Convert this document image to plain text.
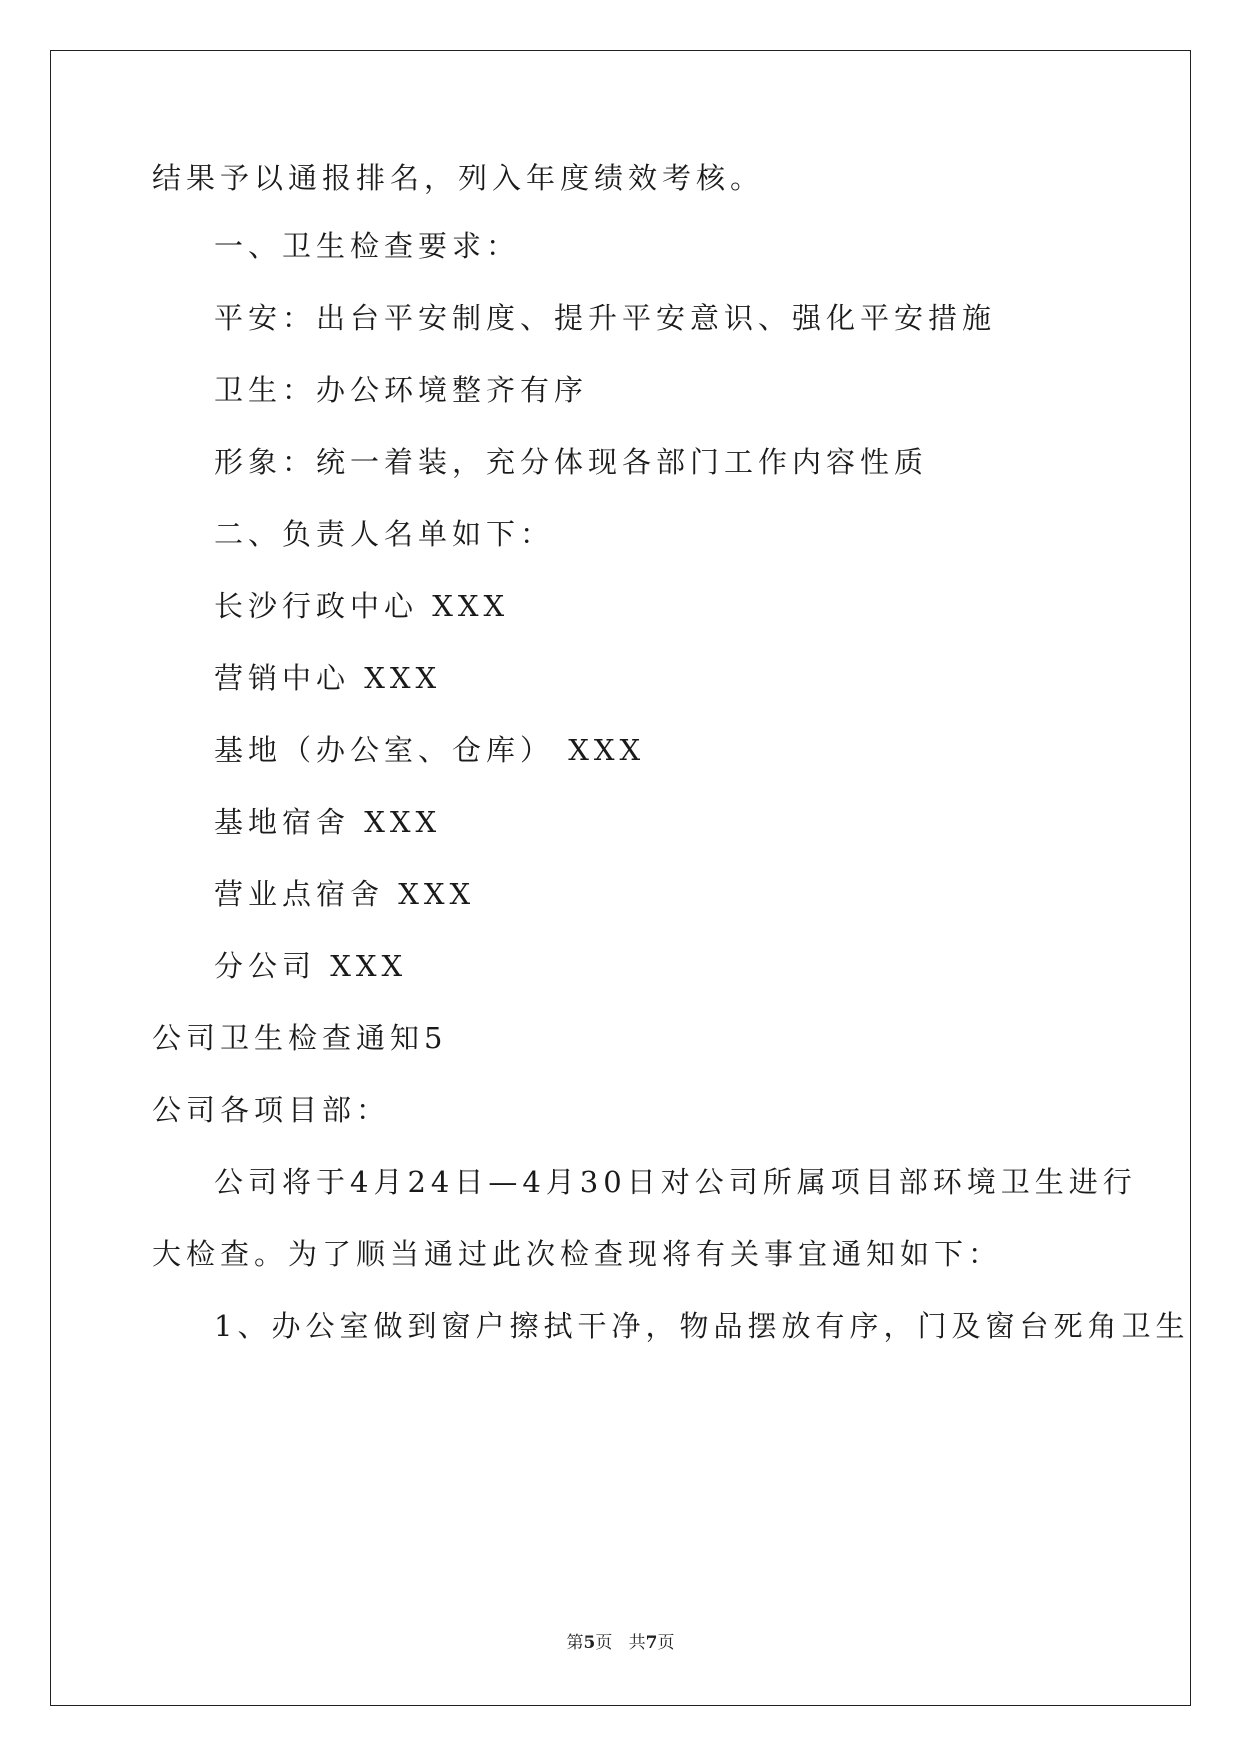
结果予以通报排名，列入年度绩效考核。
一、卫生检查要求：
平安：出台平安制度、提升平安意识、强化平安措施
卫生：办公环境整齐有序
形象：统一着装，充分体现各部门工作内容性质
二、负责人名单如下：
长沙行政中心 XXX
营销中心 XXX
基地（办公室、仓库） XXX
基地宿舍 XXX
营业点宿舍 XXX
分公司 XXX
公司卫生检查通知5
公司各项目部：
公司将于4月24日—4月30日对公司所属项目部环境卫生进行
大检查。为了顺当通过此次检查现将有关事宜通知如下：
1、办公室做到窗户擦拭干净，物品摆放有序，门及窗台死角卫生
第5页   共7页
